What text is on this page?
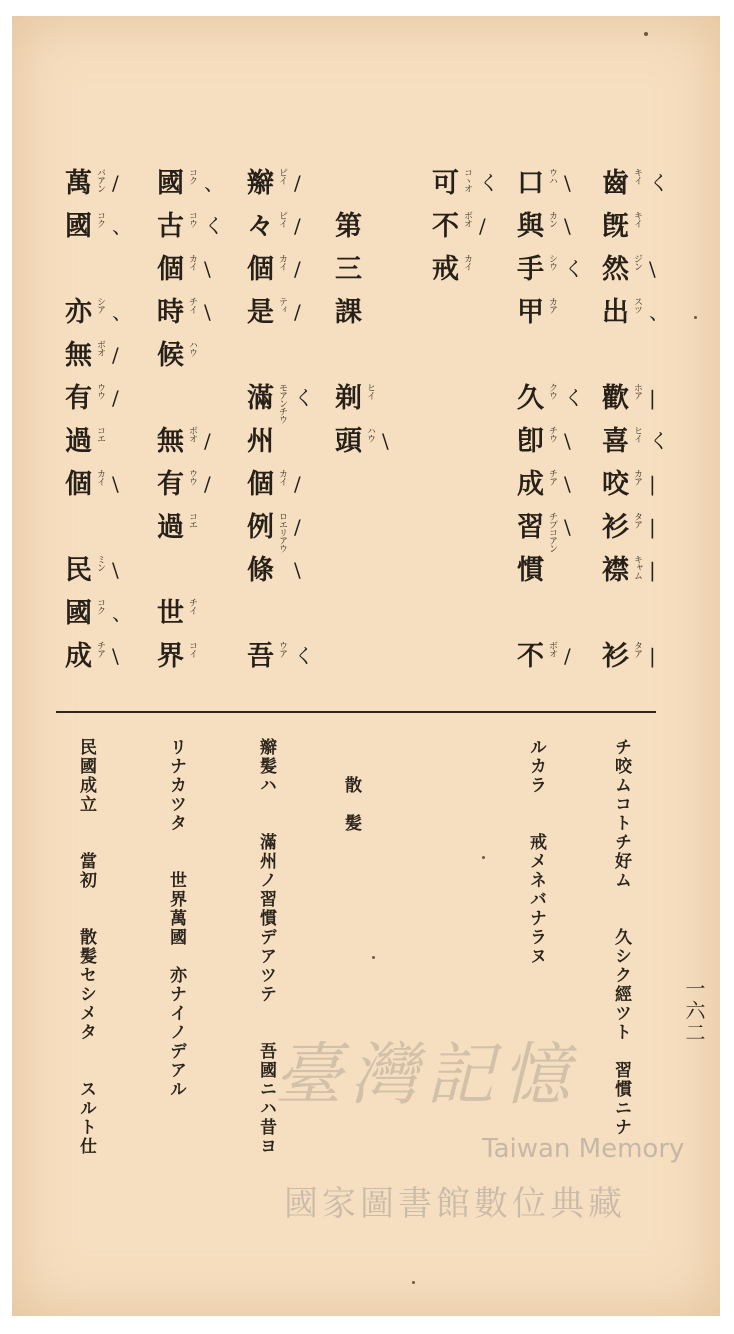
齒 キイ く
旣 キイ
然 ジン \
出 スツ 、
歡 ホア |
喜 ヒイ く
咬 カア |
衫 タア |
襟 キャム |
衫 タア |
口 ウハ \
與 カン \
手 シウ く
甲 カア
久 クウ く
卽 チウ \
成 チア \
習 チプコアン \
慣
不 ボオ /
可 コヽオ く
不 ボオ /
戒 カイ
第
三
課
剃 ヒイ
頭 ハウ \
辮 ピイ /
々 ピイ /
個 カイ /
是 ティ /
滿 モアンチウ く
州
個 カイ /
例 ロエリアウ /
條 \
吾 ウア く
國 コク 、
古 コウ く
個 カイ \
時 チイ \
候 ハウ
無 ボオ /
有 ウウ /
過 コエ
世 チイ
界 コイ
萬 バアン /
國 コク 、
亦 シア 、
無 ボオ /
有 ウウ /
過 コエ
個 カイ \
民 ミン \
國 コク 、
成 チア \
チ咬ムコトチ好ム　　久シク經ツト　習慣ニナ
ルカラ　　戒メネバナラヌ
　　散　髪
辮髪ハ　　滿州ノ習慣デアツテ　　吾國ニハ昔ヨ
リナカツタ　　世界萬國　亦ナイノデアル
民國成立　　當初　　散髪セシメタ　　スルト仕	一六二
臺灣記憶
Taiwan Memory
國家圖書館數位典藏
